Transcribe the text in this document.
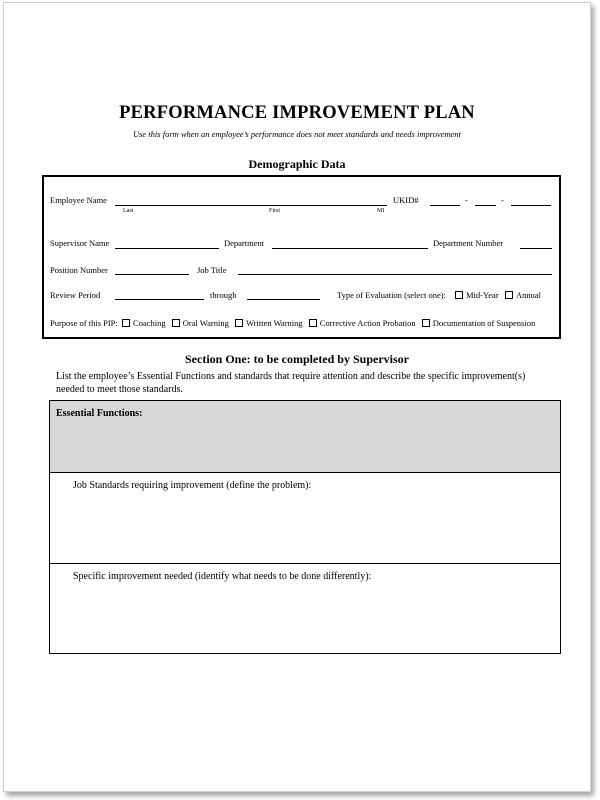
PERFORMANCE IMPROVEMENT PLAN
Use this form when an employee’s performance does not meet standards and needs improvement
Demographic Data
Employee Name
Last	First	MI
UKID#	-	-
Supervisor Name	Department	Department Number
Position Number	Job Title
Review Period	through	Type of Evaluation (select one):	Mid-Year	Annual
Purpose of this PIP: Coaching Oral Warning Written Warning Corrective Action Probation Documentation of Suspension
Section One: to be completed by Supervisor
List the employee’s Essential Functions and standards that require attention and describe the specific improvement(s) needed to meet those standards.
Essential Functions:
Job Standards requiring improvement (define the problem):
Specific improvement needed (identify what needs to be done differently):
